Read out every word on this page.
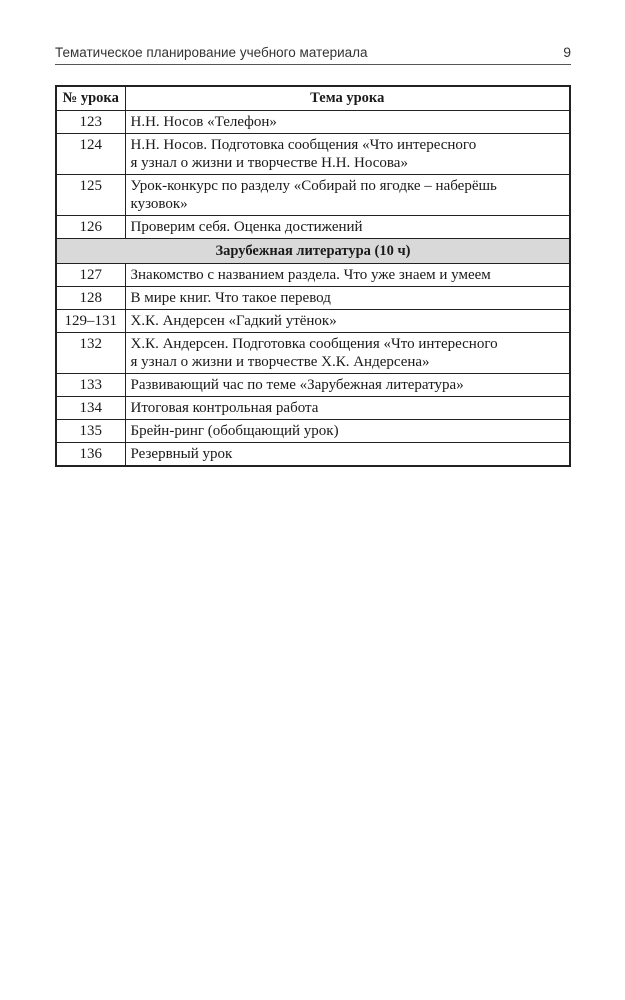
Тематическое планирование учебного материала	9
№ урока	Тема урока
123	Н.Н. Носов «Телефон»

124	Н.Н. Носов. Подготовка сообщения «Что интересного
я узнал о жизни и творчестве Н.Н. Носова»

125	Урок-конкурс по разделу «Собирай по ягодке – наберёшь
кузовок»

126	Проверим себя. Оценка достижений

Зарубежная литература (10 ч)	
127	Знакомство с названием раздела. Что уже знаем и умеем

128	В мире книг. Что такое перевод

129–131	Х.К. Андерсен «Гадкий утёнок»

132	Х.К. Андерсен. Подготовка сообщения «Что интересного
я узнал о жизни и творчестве Х.К. Андерсена»

133	Развивающий час по теме «Зарубежная литература»

134	Итоговая контрольная работа

135	Брейн-ринг (обобщающий урок)

136	Резервный урок
